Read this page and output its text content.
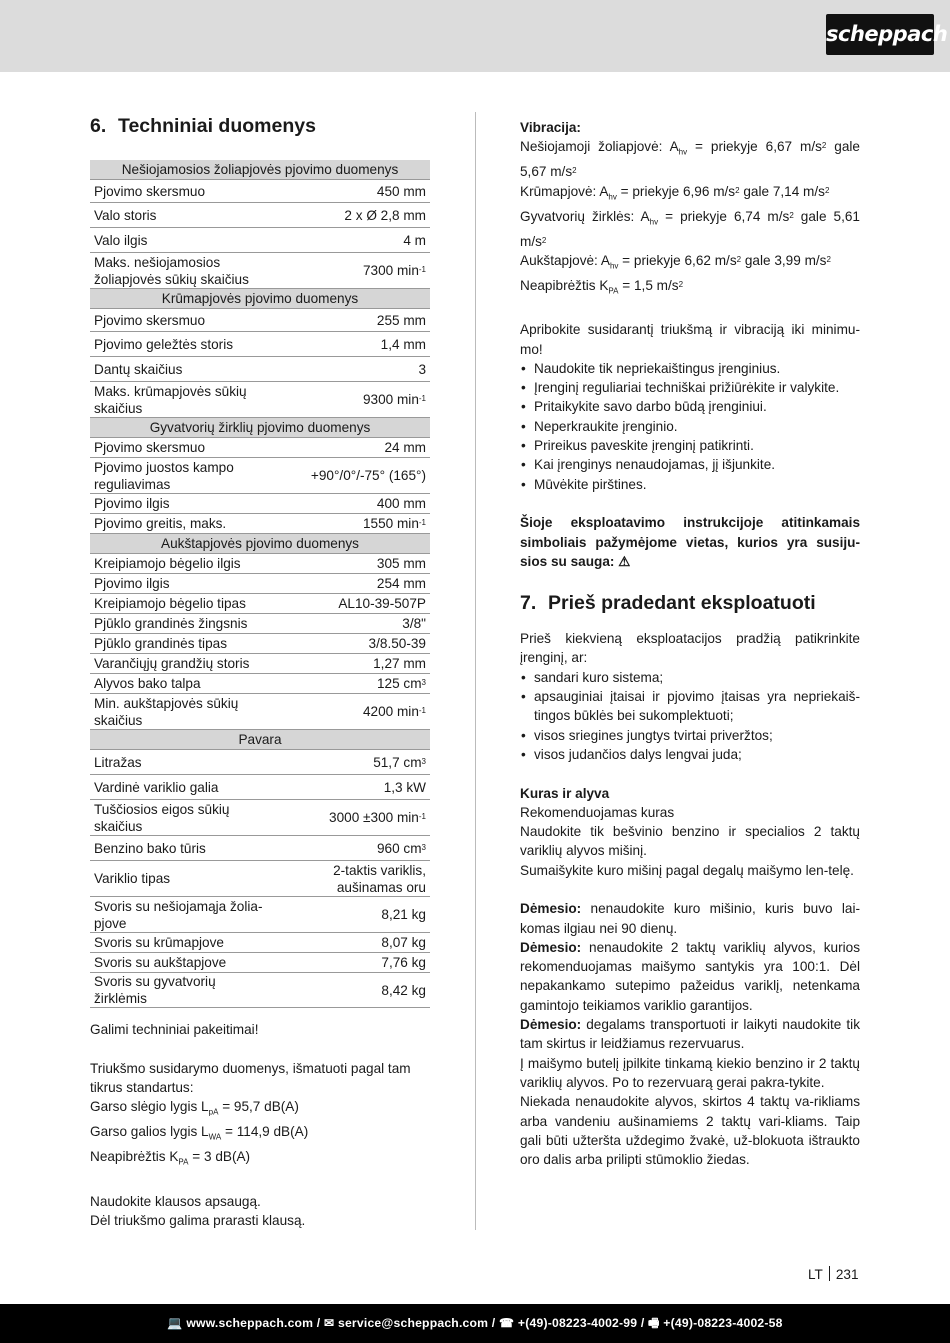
scheppach
6. Techniniai duomenys
Nešiojamosios žoliapjovės pjovimo duomenys	
Pjovimo skersmuo	450 mm
Valo storis	2 x Ø 2,8 mm
Valo ilgis	4 m
Maks. nešiojamosios žoliapjovės sūkių skaičius	7300 $\min^{-1}$
Krūmapjovės pjovimo duomenys	
Pjovimo skersmuo	255 mm
Pjovimo geležtės storis	1,4 mm
Dantų skaičius	3
Maks. krūmapjovės sūkių skaičius	9300 $\min^{-1}$
Gyvatvorių žirklių pjovimo duomenys	
Pjovimo skersmuo	24 mm
Pjovimo juostos kampo reguliavimas	+90°/0°/-75° (165°)
Pjovimo ilgis	400 mm
Pjovimo greitis, maks.	1550 $\min^{-1}$
Aukštapjovės pjovimo duomenys	
Kreipiamojo bėgelio ilgis	305 mm
Pjovimo ilgis	254 mm
Kreipiamojo bėgelio tipas	AL10-39-507P
Pjūklo grandinės žingsnis	3/8"
Pjūklo grandinės tipas	3/8.50-39
Varančiųjų grandžių storis	1,27 mm
Alyvos bako talpa	125 $cm^3$
Min. aukštapjovės sūkių skaičius	4200 $\min^{-1}$
Pavara	
Litražas	51,7 $cm^3$
Vardinė variklio galia	1,3 kW
Tuščiosios eigos sūkių skaičius	3000 ±300 $\min^{-1}$
Benzino bako tūris	960 $cm^3$
Variklio tipas	2-taktis variklis, aušinamas oru
Svoris su nešiojamąja žolia-pjove	8,21 kg
Svoris su krūmapjove	8,07 kg
Svoris su aukštapjove	7,76 kg
Svoris su gyvatvorių žirklėmis	8,42 kg

Galimi techniniai pakeitimai!

Triukšmo susidarymo duomenys, išmatuoti pagal tam tikrus standartus:

Garso slėgio lygis $L_{pA} = 95,7$ dB(A)

Garso galios lygis $L_{WA} = 114,9$ dB(A)

Neapibrėžtis $K_{PA} = 3$ dB(A)

Naudokite klausos apsaugą.

Dėl triukšmo galima prarasti klausą.

Vibracija:

Nešiojamoji žoliapjovė: $A_{hv}$ = priekyje 6,67 $m/s^2$ gale 5,67 $m/s^2$

Krūmapjovė: $A_{hv}$ = priekyje 6,96 $m/s^2$ gale 7,14 $m/s^2$

Gyvatvorių žirklės: $A_{hv}$ = priekyje 6,74 $m/s^2$ gale 5,61 $m/s^2$

Aukštapjovė: $A_{hv}$ = priekyje 6,62 $m/s^2$ gale 3,99 $m/s^2$

Neapibrėžtis $K_{PA} = 1,5$ $m/s^2$

Apribokite susidarantį triukšmą ir vibraciją iki minimu-mo!

• Naudokite tik nepriekaištingus įrenginius.
• Įrenginį reguliariai techniškai prižiūrėkite ir valykite.
• Pritaikykite savo darbo būdą įrenginiui.
• Neperkraukite įrenginio.
• Prireikus paveskite įrenginį patikrinti.
• Kai įrenginys nenaudojamas, jį išjunkite.
• Mūvėkite pirštines.

Šioje eksploatavimo instrukcijoje atitinkamais simboliais pažymėjome vietas, kurios yra susiju-sios su sauga: ⚠

7. Prieš pradedant eksploatuoti

Prieš kiekvieną eksploatacijos pradžią patikrinkite įrenginį, ar:

• sandari kuro sistema;
• apsauginiai įtaisai ir pjovimo įtaisas yra nepriekaiš-tingos būklės bei sukomplektuoti;
• visos sriegines jungtys tvirtai priveržtos;
• visos judančios dalys lengvai juda;

Kuras ir alyva

Rekomenduojamas kuras

Naudokite tik bešvinio benzino ir specialios 2 taktų variklių alyvos mišinį.

Sumaišykite kuro mišinį pagal degalų maišymo len-telę.

Dėmesio: nenaudokite kuro mišinio, kuris buvo lai-komas ilgiau nei 90 dienų.

Dėmesio: nenaudokite 2 taktų variklių alyvos, kurios rekomenduojamas maišymo santykis yra 100:1. Dėl nepakankamo sutepimo pažeidus variklį, netenkama gamintojo teikiamos variklio garantijos.

Dėmesio: degalams transportuoti ir laikyti naudokite tik tam skirtus ir leidžiamus rezervuarus.

Į maišymo butelį įpilkite tinkamą kiekio benzino ir 2 taktų variklių alyvos. Po to rezervuarą gerai pakra-tykite.

Niekada nenaudokite alyvos, skirtos 4 taktų va-rikliams arba vandeniu aušinamiems 2 taktų vari-kliams. Taip gali būti užteršta uždegimo žvakė, už-blokuota ištraukto oro dalis arba prilipti stūmoklio žiedas.

LT 231
💻 www.scheppach.com / ✉ service@scheppach.com / ☎ +(49)-08223-4002-99 / 🖷 +(49)-08223-4002-58
